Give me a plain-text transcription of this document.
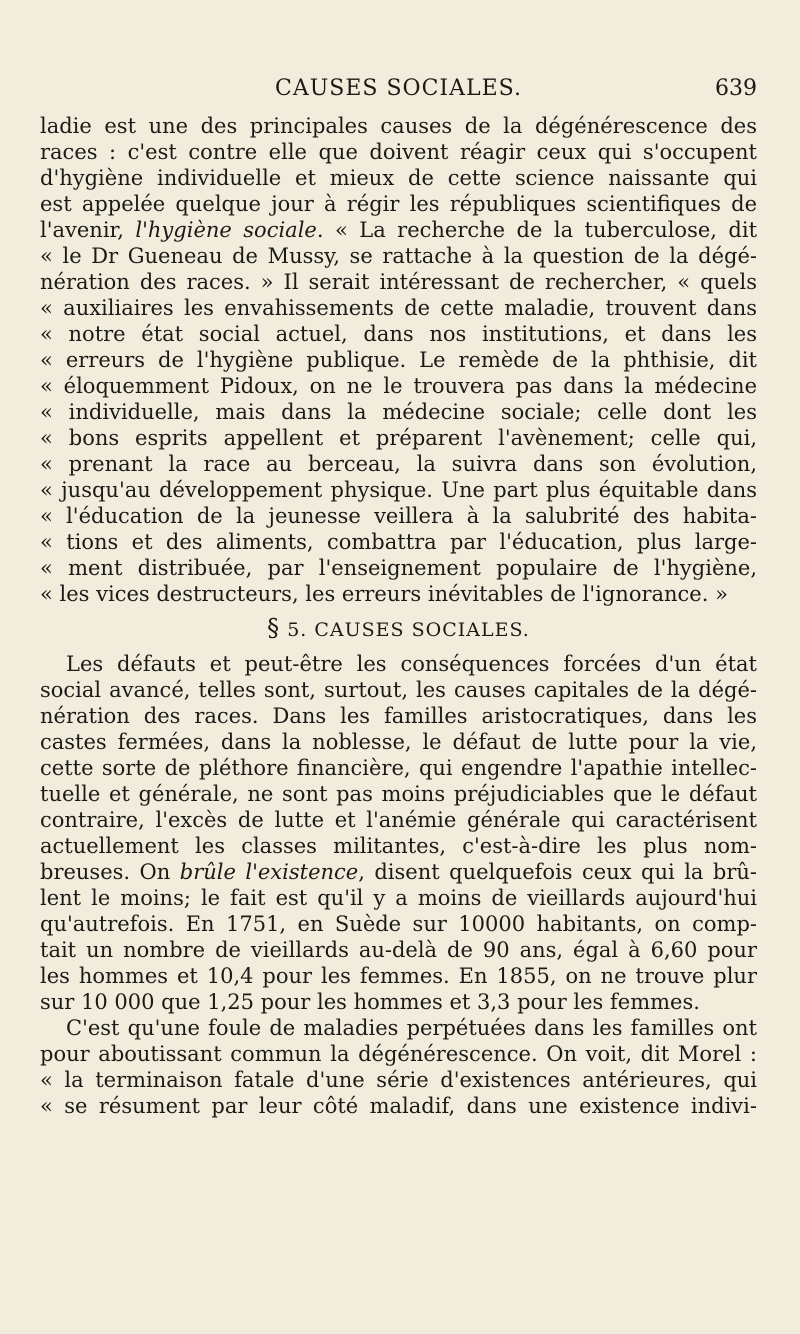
CAUSES SOCIALES.	639
ladie est une des principales causes de la dégénérescence des
races : c'est contre elle que doivent réagir ceux qui s'occupent
d'hygiène individuelle et mieux de cette science naissante qui
est appelée quelque jour à régir les républiques scientifiques de
l'avenir, l'hygiène sociale. « La recherche de la tuberculose, dit
« le Dr Gueneau de Mussy, se rattache à la question de la dégé-
nération des races. » Il serait intéressant de rechercher, « quels
« auxiliaires les envahissements de cette maladie, trouvent dans
« notre état social actuel, dans nos institutions, et dans les
« erreurs de l'hygiène publique. Le remède de la phthisie, dit
« éloquemment Pidoux, on ne le trouvera pas dans la médecine
« individuelle, mais dans la médecine sociale; celle dont les
« bons esprits appellent et préparent l'avènement; celle qui,
« prenant la race au berceau, la suivra dans son évolution,
« jusqu'au développement physique. Une part plus équitable dans
« l'éducation de la jeunesse veillera à la salubrité des habita-
« tions et des aliments, combattra par l'éducation, plus large-
« ment distribuée, par l'enseignement populaire de l'hygiène,
« les vices destructeurs, les erreurs inévitables de l'ignorance. »
§ 5. CAUSES SOCIALES.
Les défauts et peut-être les conséquences forcées d'un état
social avancé, telles sont, surtout, les causes capitales de la dégé-
nération des races. Dans les familles aristocratiques, dans les
castes fermées, dans la noblesse, le défaut de lutte pour la vie,
cette sorte de pléthore financière, qui engendre l'apathie intellec-
tuelle et générale, ne sont pas moins préjudiciables que le défaut
contraire, l'excès de lutte et l'anémie générale qui caractérisent
actuellement les classes militantes, c'est-à-dire les plus nom-
breuses. On brûle l'existence, disent quelquefois ceux qui la brû-
lent le moins; le fait est qu'il y a moins de vieillards aujourd'hui
qu'autrefois. En 1751, en Suède sur 10000 habitants, on comp-
tait un nombre de vieillards au-delà de 90 ans, égal à 6,60 pour
les hommes et 10,4 pour les femmes. En 1855, on ne trouve plur
sur 10 000 que 1,25 pour les hommes et 3,3 pour les femmes.
C'est qu'une foule de maladies perpétuées dans les familles ont
pour aboutissant commun la dégénérescence. On voit, dit Morel :
« la terminaison fatale d'une série d'existences antérieures, qui
« se résument par leur côté maladif, dans une existence indivi-
